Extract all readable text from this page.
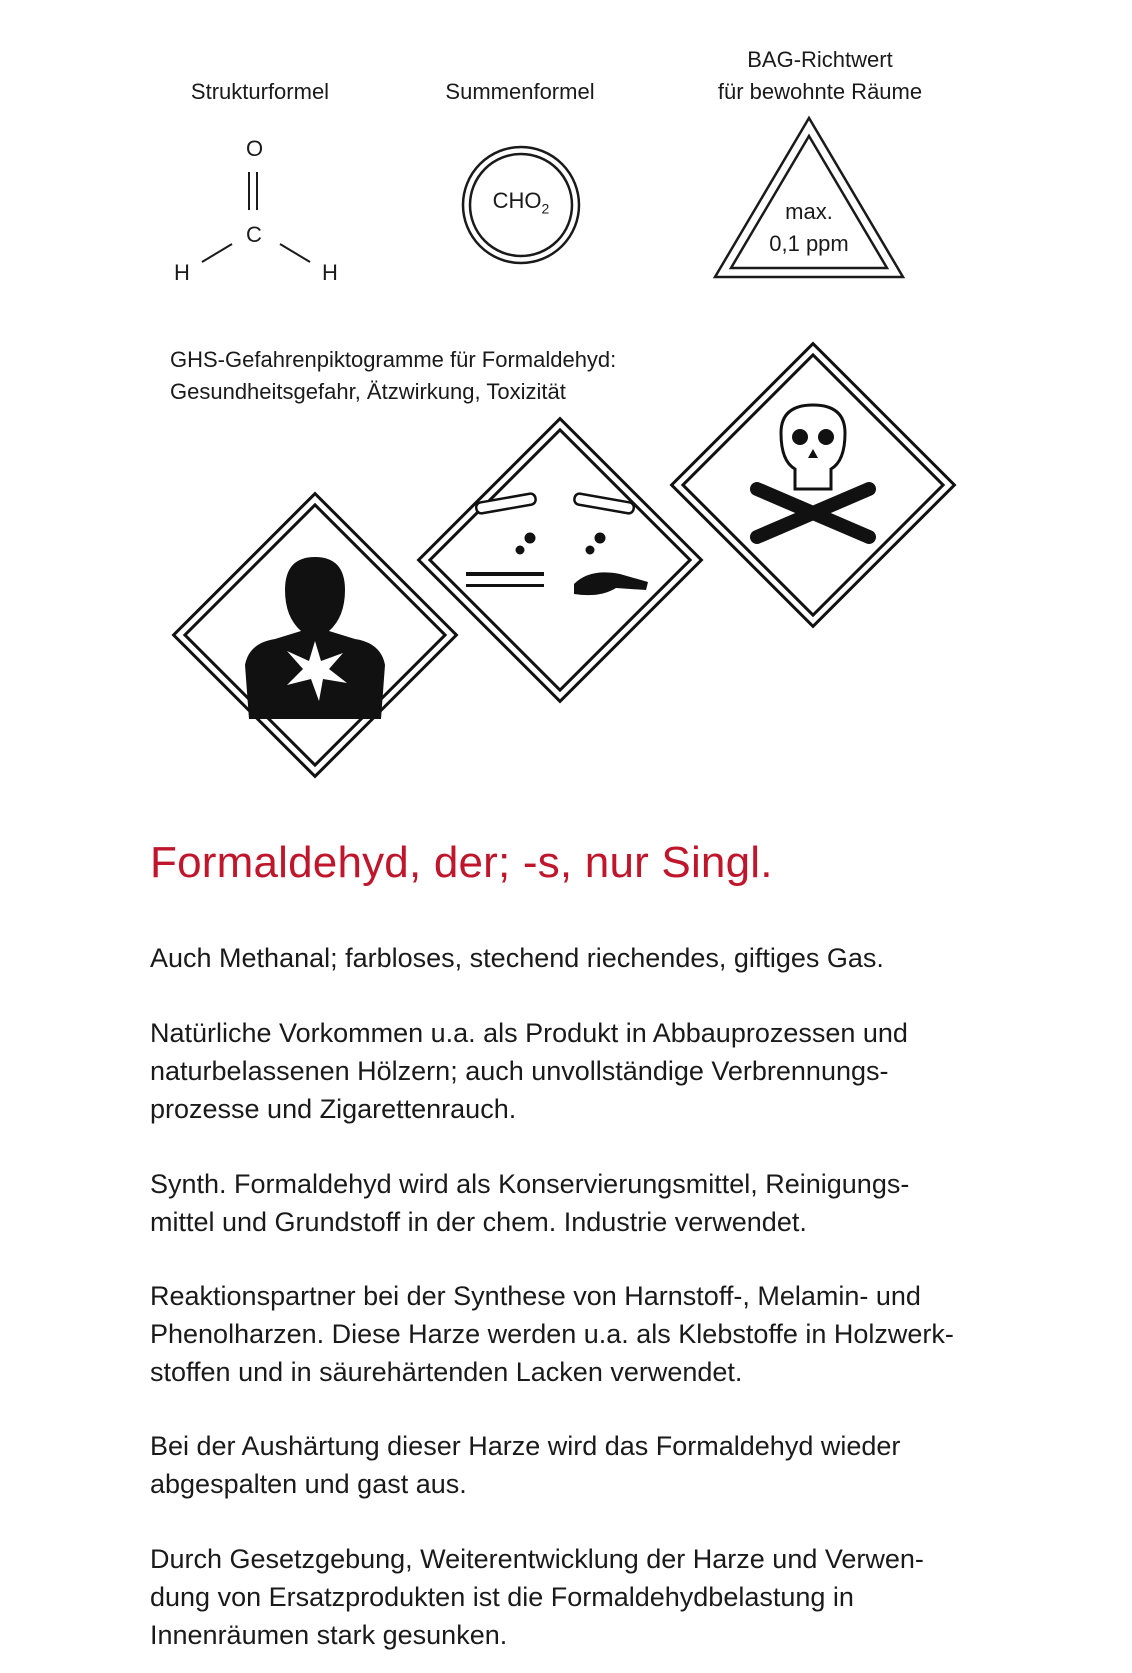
Strukturformel	Summenformel
BAG-Richtwert
für bewohnte Räume
O
C
H	H
$CHO_2$	max.
0,1 ppm
GHS-Gefahrenpiktogramme für Formaldehyd:
Gesundheitsgefahr, Ätzwirkung, Toxizität
Formaldehyd, der; -s, nur Singl.
Auch Methanal; farbloses, stechend riechendes, giftiges Gas.
Natürliche Vorkommen u.a. als Produkt in Abbauprozessen und
naturbelassenen Hölzern; auch unvollständige Verbrennungs-
prozesse und Zigarettenrauch.
Synth. Formaldehyd wird als Konservierungsmittel, Reinigungs-
mittel und Grundstoff in der chem. Industrie verwendet.
Reaktionspartner bei der Synthese von Harnstoff-, Melamin- und
Phenolharzen. Diese Harze werden u.a. als Klebstoffe in Holzwerk-
stoffen und in säurehärtenden Lacken verwendet.
Bei der Aushärtung dieser Harze wird das Formaldehyd wieder
abgespalten und gast aus.
Durch Gesetzgebung, Weiterentwicklung der Harze und Verwen-
dung von Ersatzprodukten ist die Formaldehydbelastung in
Innenräumen stark gesunken.
